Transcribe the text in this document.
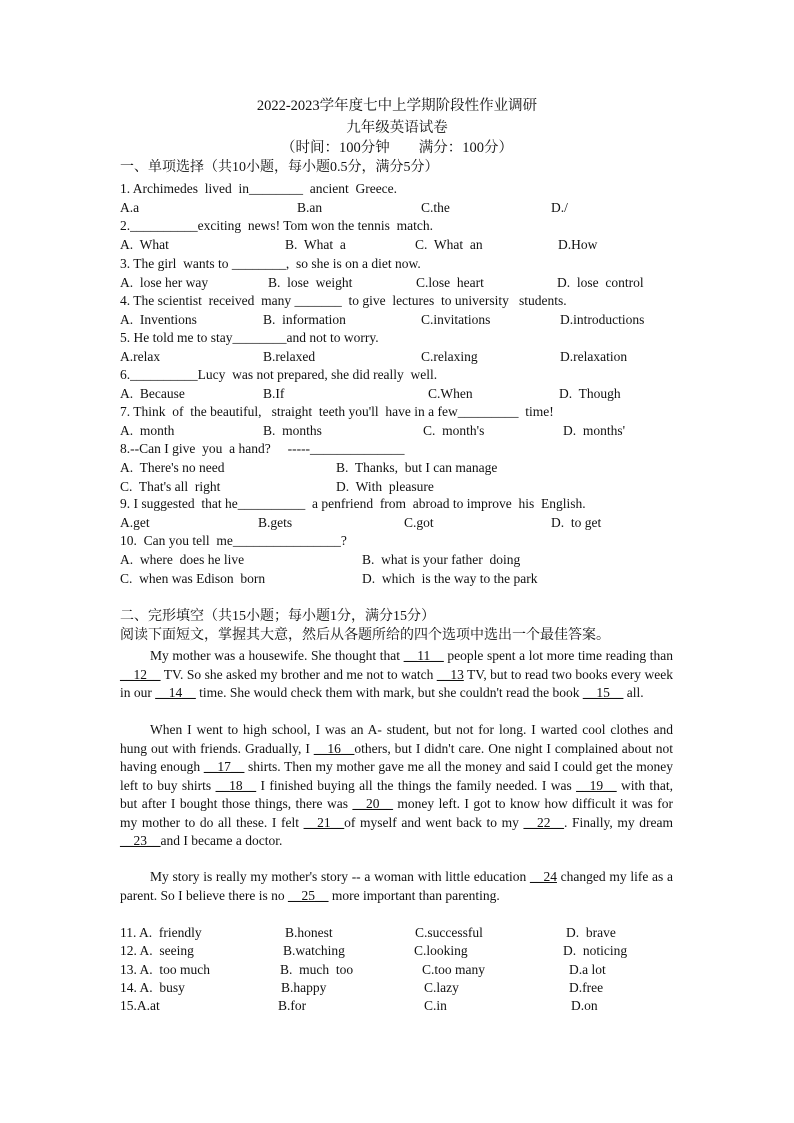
2022-2023学年度七中上学期阶段性作业调研
九年级英语试卷
（时间：100分钟　　满分：100分）
一、单项选择（共10小题，每小题0.5分，满分5分）
1. Archimedes  lived  in________  ancient  Greece.
A.a	B.an	C.the	D./
2.__________exciting  news! Tom won the tennis  match.
A.  What	B.  What  a	C.  What  an	D.How
3. The girl  wants to ________,  so she is on a diet now.
A.  lose her way	B.  lose  weight	C.lose  heart	D.  lose  control
4. The scientist  received  many _______  to give  lectures  to university   students.
A.  Inventions	B.  information	C.invitations	D.introductions
5. He told me to stay________and not to worry.
A.relax	B.relaxed	C.relaxing	D.relaxation
6.__________Lucy  was not prepared, she did really  well.
A.  Because	B.If	C.When	D.  Though
7. Think  of  the beautiful,   straight  teeth you'll  have in a few_________  time!
A.  month	B.  months	C.  month's	D.  months'
8.--Can I give  you  a hand?     -----______________
A.  There's no need	B.  Thanks,  but I can manage
C.  That's all  right	D.  With  pleasure
9. I suggested  that he__________  a penfriend  from  abroad to improve  his  English.
A.get	B.gets	C.got	D.  to get
10.  Can you tell  me________________?
A.  where  does he live	B.  what is your father  doing
C.  when was Edison  born	D.  which  is the way to the park
二、完形填空（共15小题；每小题1分，满分15分）
阅读下面短文，掌握其大意，然后从各题所给的四个选项中选出一个最佳答案。
My mother was a housewife. She thought that __11__ people spent a lot more time reading than __12__ TV. So she asked my brother and me not to watch __13 TV, but to read two books every week in our __14__ time. She would check them with mark, but she couldn't read the book __15__ all.
When I went to high school, I was an A- student, but not for long. I warted cool clothes and hung out with friends. Gradually, I __16__others, but I didn't care. One night I complained about not having enough __17__ shirts. Then my mother gave me all the money and said I could get the money left to buy shirts __18__ I finished buying all the things the family needed. I was __19__ with that, but after I bought those things, there was __20__ money left. I got to know how difficult it was for my mother to do all these. I felt __21__of myself and went back to my __22__. Finally, my dream __23__and I became a doctor.
My story is really my mother's story -- a woman with little education __24 changed my life as a parent. So I believe there is no __25__ more important than parenting.
11. A.  friendly	B.honest	C.successful	D.  brave
12. A.  seeing	B.watching	C.looking	D.  noticing
13. A.  too much	B.  much  too	C.too many	D.a lot
14. A.  busy	B.happy	C.lazy	D.free
15.A.at	B.for	C.in	D.on
